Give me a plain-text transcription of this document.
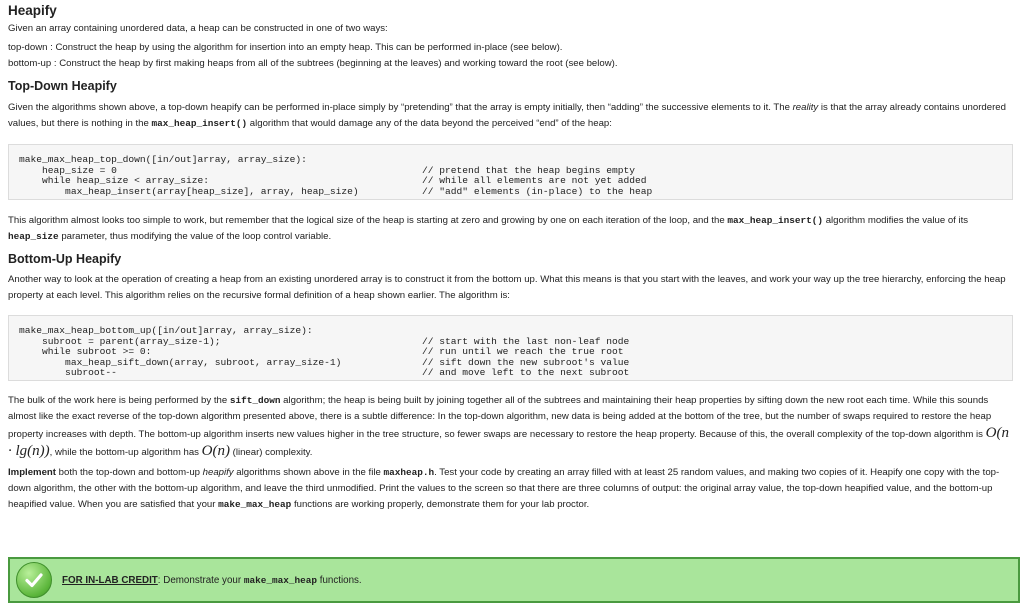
Heapify

Given an array containing unordered data, a heap can be constructed in one of two ways:

top-down : Construct the heap by using the algorithm for insertion into an empty heap. This can be performed in-place (see below).

bottom-up : Construct the heap by first making heaps from all of the subtrees (beginning at the leaves) and working toward the root (see below).

Top-Down Heapify

Given the algorithms shown above, a top-down heapify can be performed in-place simply by “pretending” that the array is empty initially, then “adding” the successive elements to it. The reality is that the array already contains unordered values, but there is nothing in the max_heap_insert() algorithm that would damage any of the data beyond the perceived “end” of the heap:

make_max_heap_top_down([in/out]array, array_size):
heap_size = 0	// pretend that the heap begins empty
while heap_size < array_size:	// while all elements are not yet added
max_heap_insert(array[heap_size], array, heap_size)	// "add" elements (in-place) to the heap

This algorithm almost looks too simple to work, but remember that the logical size of the heap is starting at zero and growing by one on each iteration of the loop, and the max_heap_insert() algorithm modifies the value of its heap_size parameter, thus modifying the value of the loop control variable.

Bottom-Up Heapify

Another way to look at the operation of creating a heap from an existing unordered array is to construct it from the bottom up. What this means is that you start with the leaves, and work your way up the tree hierarchy, enforcing the heap property at each level. This algorithm relies on the recursive formal definition of a heap shown earlier. The algorithm is:

make_max_heap_bottom_up([in/out]array, array_size):
subroot = parent(array_size-1);	// start with the last non-leaf node
while subroot >= 0:	// run until we reach the true root
max_heap_sift_down(array, subroot, array_size-1)	// sift down the new subroot's value
subroot--	// and move left to the next subroot

The bulk of the work here is being performed by the sift_down algorithm; the heap is being built by joining together all of the subtrees and maintaining their heap properties by sifting down the new root each time. While this sounds almost like the exact reverse of the top-down algorithm presented above, there is a subtle difference: In the top-down algorithm, new data is being added at the bottom of the tree, but the number of swaps required to restore the heap property increases with depth. The bottom-up algorithm inserts new values higher in the tree structure, so fewer swaps are necessary to restore the heap property. Because of this, the overall complexity of the top-down algorithm is O(n · lg(n)), while the bottom-up algorithm has O(n) (linear) complexity.

Implement both the top-down and bottom-up heapify algorithms shown above in the file maxheap.h. Test your code by creating an array filled with at least 25 random values, and making two copies of it. Heapify one copy with the top-down algorithm, the other with the bottom-up algorithm, and leave the third unmodified. Print the values to the screen so that there are three columns of output: the original array value, the top-down heapified value, and the bottom-up heapified value. When you are satisfied that your make_max_heap functions are working properly, demonstrate them for your lab proctor.

FOR IN-LAB CREDIT: Demonstrate your make_max_heap functions.
